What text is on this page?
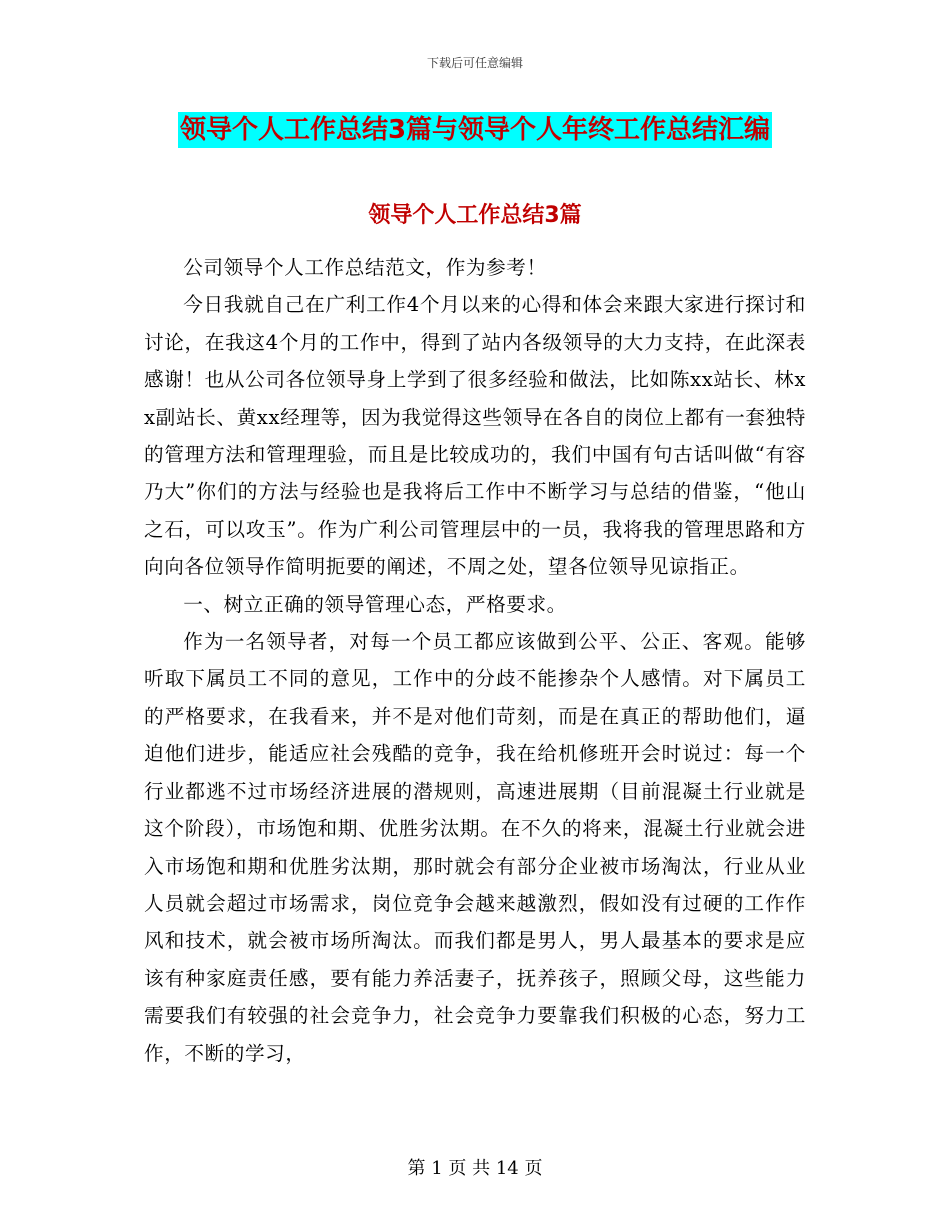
下载后可任意编辑
领导个人工作总结3篇与领导个人年终工作总结汇编
领导个人工作总结3篇

公司领导个人工作总结范文，作为参考！

今日我就自己在广利工作4个月以来的心得和体会来跟大家进行探讨和讨论，在我这4个月的工作中，得到了站内各级领导的大力支持，在此深表感谢！也从公司各位领导身上学到了很多经验和做法，比如陈xx站长、林xx副站长、黄xx经理等，因为我觉得这些领导在各自的岗位上都有一套独特的管理方法和管理理验，而且是比较成功的，我们中国有句古话叫做“有容乃大”你们的方法与经验也是我将后工作中不断学习与总结的借鉴，“他山之石，可以攻玉”。作为广利公司管理层中的一员，我将我的管理思路和方向向各位领导作简明扼要的阐述，不周之处，望各位领导见谅指正。

一、树立正确的领导管理心态，严格要求。

作为一名领导者，对每一个员工都应该做到公平、公正、客观。能够听取下属员工不同的意见，工作中的分歧不能掺杂个人感情。对下属员工的严格要求，在我看来，并不是对他们苛刻，而是在真正的帮助他们，逼迫他们进步，能适应社会残酷的竞争，我在给机修班开会时说过：每一个行业都逃不过市场经济进展的潜规则，高速进展期（目前混凝土行业就是这个阶段），市场饱和期、优胜劣汰期。在不久的将来，混凝土行业就会进入市场饱和期和优胜劣汰期，那时就会有部分企业被市场淘汰，行业从业人员就会超过市场需求，岗位竞争会越来越激烈，假如没有过硬的工作作风和技术，就会被市场所淘汰。而我们都是男人，男人最基本的要求是应该有种家庭责任感，要有能力养活妻子，抚养孩子，照顾父母，这些能力需要我们有较强的社会竞争力，社会竞争力要靠我们积极的心态，努力工作，不断的学习，

第 1 页 共 14 页
